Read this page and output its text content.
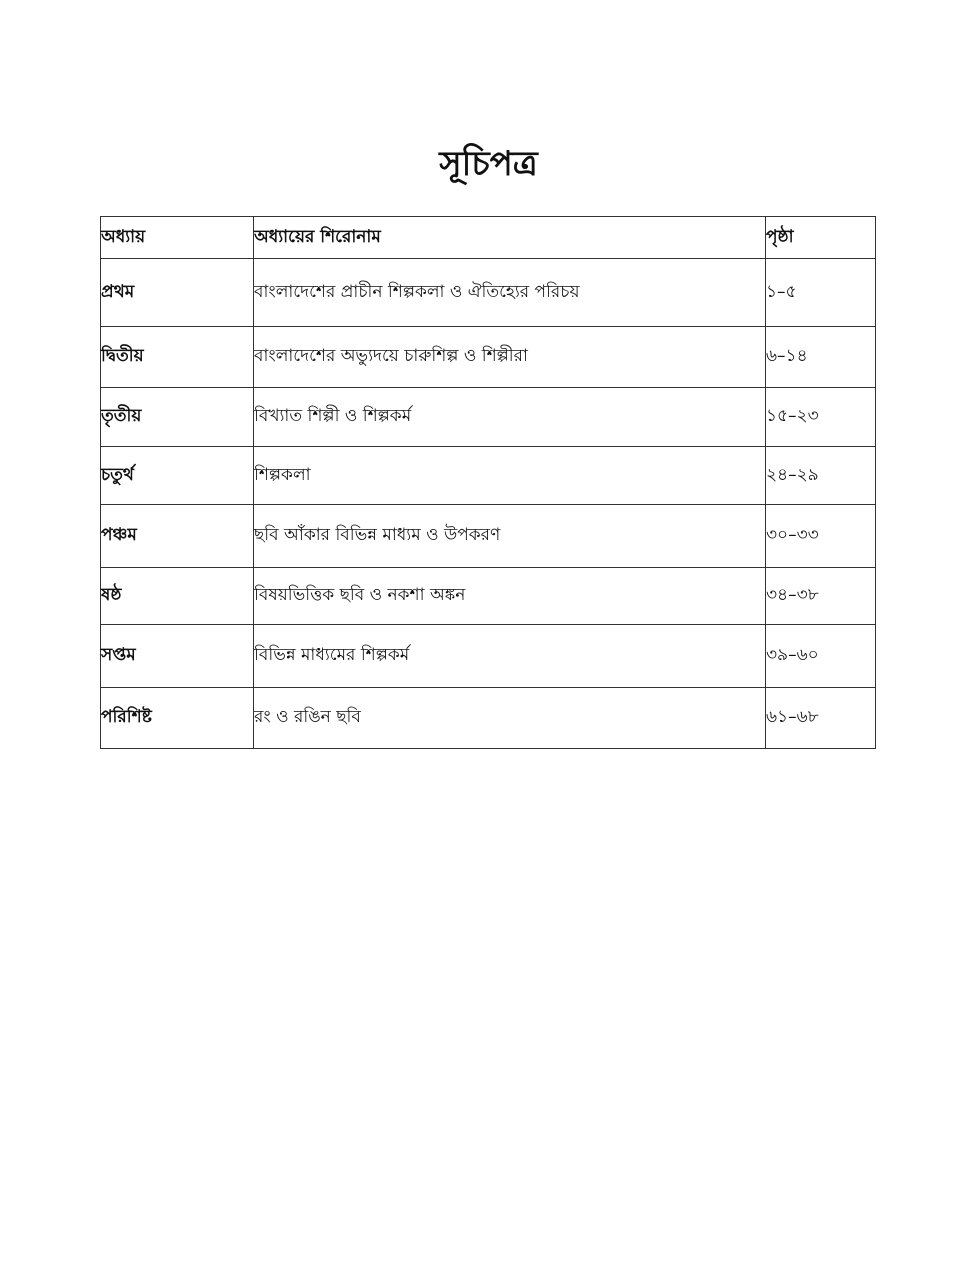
সূচিপত্র
অধ্যায়	অধ্যায়ের শিরোনাম	পৃষ্ঠা
প্রথম	বাংলাদেশের প্রাচীন শিল্পকলা ও ঐতিহ্যের পরিচয়	১–৫
দ্বিতীয়	বাংলাদেশের অভ্যুদয়ে চারুশিল্প ও শিল্পীরা	৬–১৪
তৃতীয়	বিখ্যাত শিল্পী ও শিল্পকর্ম	১৫–২৩
চতুর্থ	শিল্পকলা	২৪–২৯
পঞ্চম	ছবি আঁকার বিভিন্ন মাধ্যম ও উপকরণ	৩০–৩৩
ষষ্ঠ	বিষয়ভিত্তিক ছবি ও নকশা অঙ্কন	৩৪–৩৮
সপ্তম	বিভিন্ন মাধ্যমের শিল্পকর্ম	৩৯–৬০
পরিশিষ্ট	রং ও রঙিন ছবি	৬১–৬৮
